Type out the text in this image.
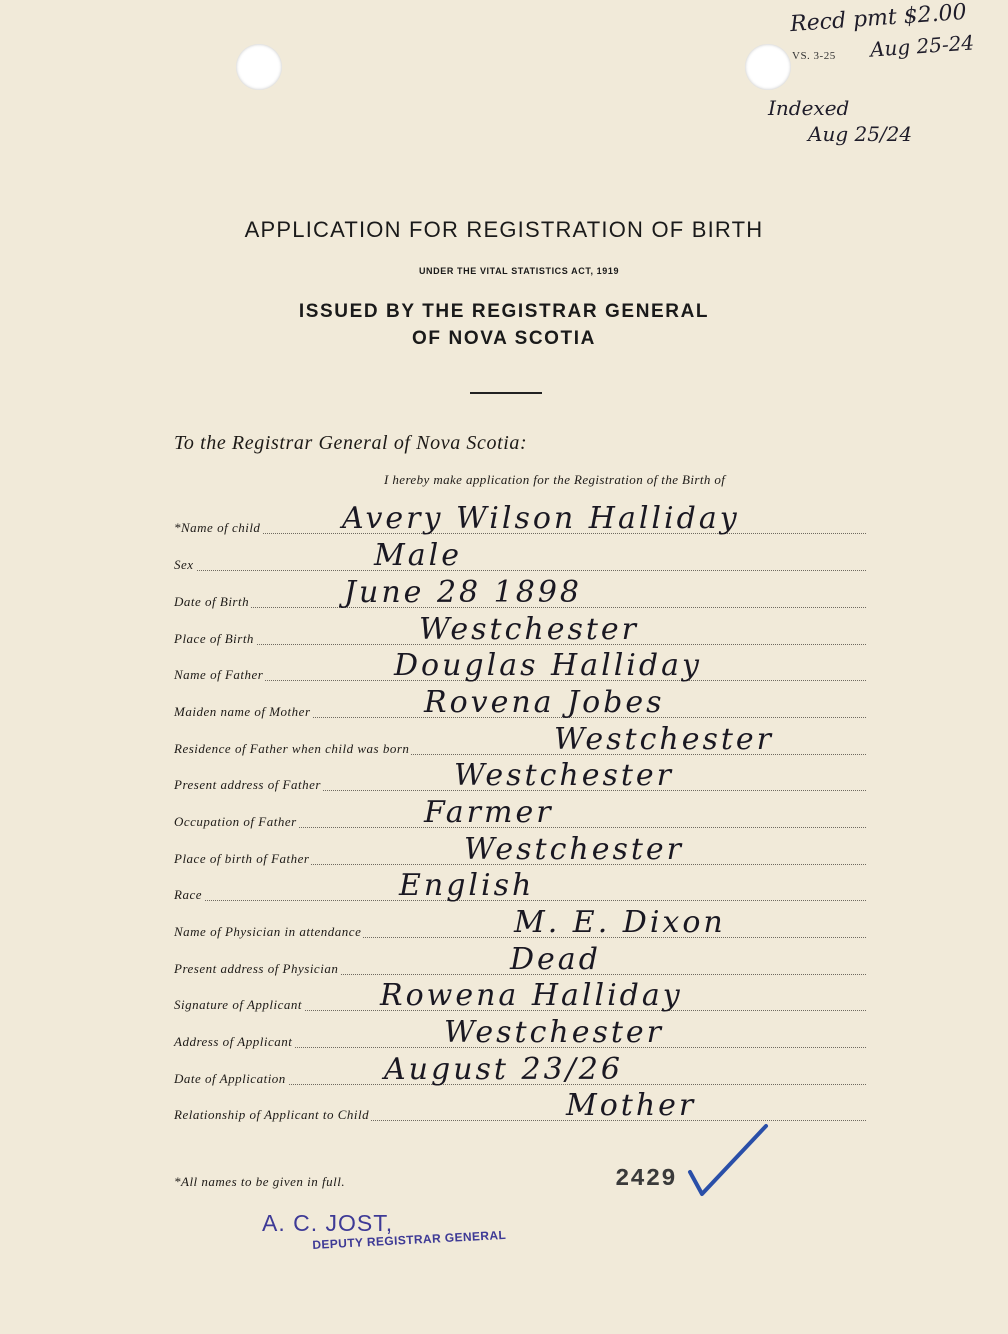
VS. 3-25
Recd pmt $2.00
Aug 25-24
Indexed
Aug 25/24
APPLICATION FOR REGISTRATION OF BIRTH
UNDER THE VITAL STATISTICS ACT, 1919
ISSUED BY THE REGISTRAR GENERAL
OF NOVA SCOTIA
To the Registrar General of Nova Scotia:
I hereby make application for the Registration of the Birth of
*Name of child	Avery Wilson Halliday
Sex	Male
Date of Birth	June 28 1898
Place of Birth	Westchester
Name of Father	Douglas Halliday
Maiden name of Mother	Rovena Jobes
Residence of Father when child was born	Westchester
Present address of Father	Westchester
Occupation of Father	Farmer
Place of birth of Father	Westchester
Race	English
Name of Physician in attendance	M. E. Dixon
Present address of Physician	Dead
Signature of Applicant	Rowena Halliday
Address of Applicant	Westchester
Date of Application	August 23/26
Relationship of Applicant to Child	Mother
*All names to be given in full.	2429
A. C. JOST,
DEPUTY REGISTRAR GENERAL
